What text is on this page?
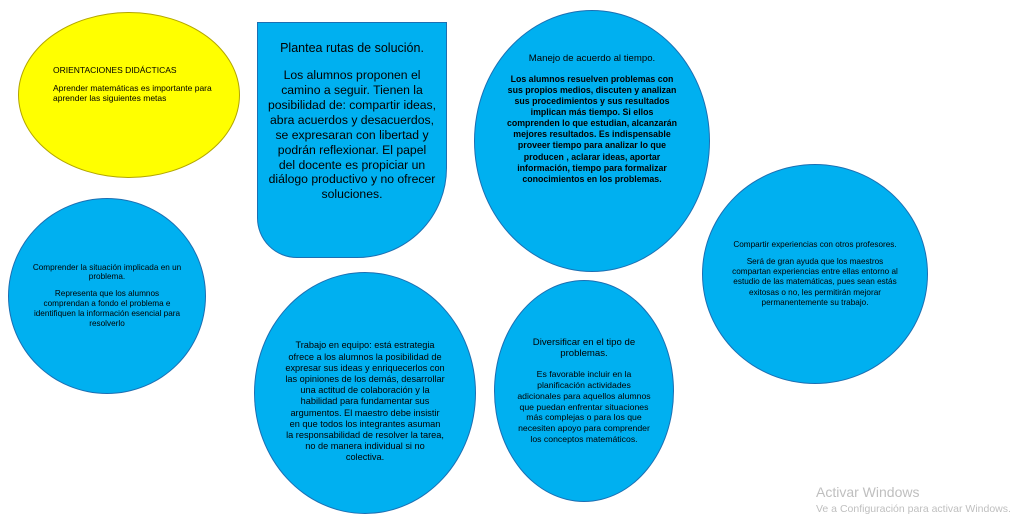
ORIENTACIONES DIDÁCTICAS

Aprender matemáticas es importante para aprender las siguientes metas

Plantea rutas de solución.

Los alumnos proponen el camino a seguir. Tienen la posibilidad de: compartir ideas, abra acuerdos y desacuerdos, se expresaran con libertad y podrán reflexionar. El papel del docente es propiciar un diálogo productivo y no ofrecer soluciones.

Manejo de acuerdo al tiempo.

Los alumnos resuelven problemas con sus propios medios, discuten y analizan sus procedimientos y sus resultados implican más tiempo. Si ellos comprenden lo que estudian, alcanzarán mejores resultados. Es indispensable proveer tiempo para analizar lo que producen , aclarar ideas, aportar información, tiempo para formalizar conocimientos en los problemas.

Comprender la situación implicada en un problema.

Representa que los alumnos comprendan a fondo el problema e identifiquen la información esencial para resolverlo

Trabajo en equipo: está estrategia ofrece a los alumnos la posibilidad de expresar sus ideas y enriquecerlos con las opiniones de los demás, desarrollar una actitud de colaboración y la habilidad para fundamentar sus argumentos. El maestro debe insistir en que todos los integrantes asuman la responsabilidad de resolver la tarea, no de manera individual si no colectiva.

Diversificar en el tipo de problemas.

Es favorable incluir en la planificación actividades adicionales para aquellos alumnos que puedan enfrentar situaciones más complejas o para los que necesiten apoyo para comprender los conceptos matemáticos.

Compartir experiencias con otros profesores.

Será de gran ayuda que los maestros compartan experiencias entre ellas entorno al estudio de las matemáticas, pues sean estás exitosas o no, les permitirán mejorar permanentemente su trabajo.

Activar Windows
Ve a Configuración para activar Windows.
